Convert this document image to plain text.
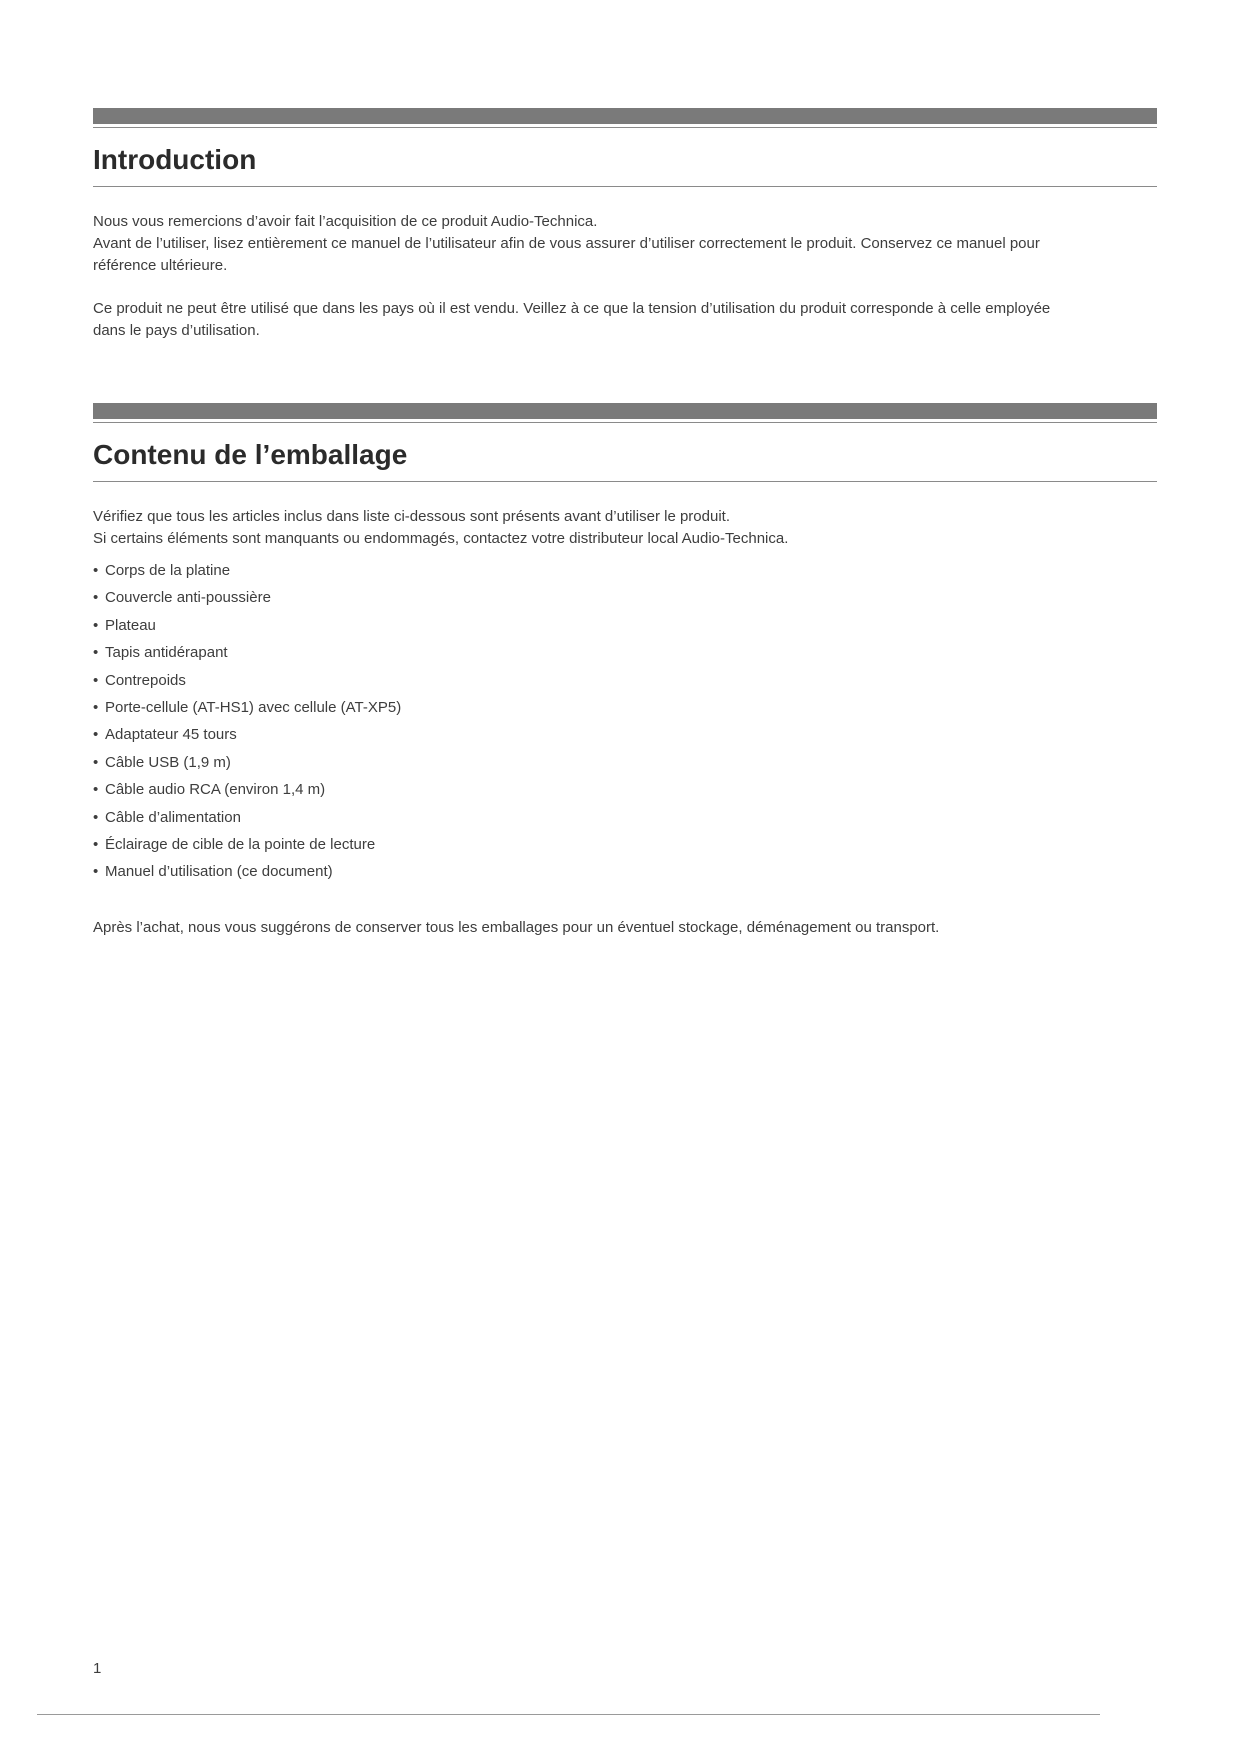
Introduction

Nous vous remercions d’avoir fait l’acquisition de ce produit Audio-Technica.

Avant de l’utiliser, lisez entièrement ce manuel de l’utilisateur afin de vous assurer d’utiliser correctement le produit. Conservez ce manuel pour

référence ultérieure.

Ce produit ne peut être utilisé que dans les pays où il est vendu. Veillez à ce que la tension d’utilisation du produit corresponde à celle employée

dans le pays d’utilisation.

Contenu de l’emballage

Vérifiez que tous les articles inclus dans liste ci-dessous sont présents avant d’utiliser le produit.

Si certains éléments sont manquants ou endommagés, contactez votre distributeur local Audio-Technica.

• Corps de la platine
• Couvercle anti-poussière
• Plateau
• Tapis antidérapant
• Contrepoids
• Porte-cellule (AT-HS1) avec cellule (AT-XP5)
• Adaptateur 45 tours
• Câble USB (1,9 m)
• Câble audio RCA (environ 1,4 m)
• Câble d’alimentation
• Éclairage de cible de la pointe de lecture
• Manuel d’utilisation (ce document)

Après l’achat, nous vous suggérons de conserver tous les emballages pour un éventuel stockage, déménagement ou transport.

1
